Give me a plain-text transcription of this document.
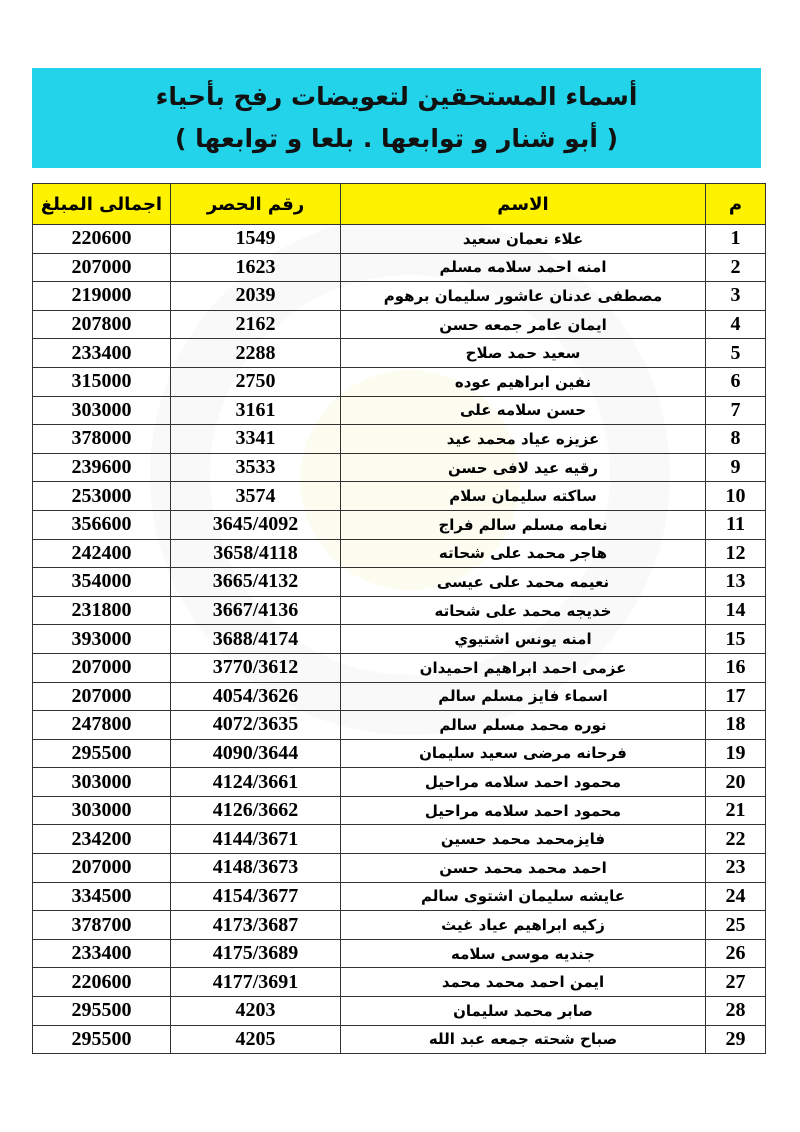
أسماء المستحقين لتعويضات رفح بأحياء
( أبو شنار و توابعها . بلعا و توابعها )
اجمالى المبلغ	رقم الحصر	الاسم	م
220600	1549	علاء نعمان سعيد	1
207000	1623	امنه احمد سلامه مسلم	2
219000	2039	مصطفى عدنان عاشور سليمان برهوم	3
207800	2162	ايمان عامر جمعه حسن	4
233400	2288	سعيد حمد صلاح	5
315000	2750	نفين ابراهيم عوده	6
303000	3161	حسن سلامه على	7
378000	3341	عزيزه عياد محمد عيد	8
239600	3533	رقيه عيد لافى حسن	9
253000	3574	ساكته سليمان سلام	10
356600	3645/4092	نعامه مسلم سالم فراج	11
242400	3658/4118	هاجر محمد على شحاته	12
354000	3665/4132	نعيمه محمد على عيسى	13
231800	3667/4136	خديجه محمد على شحاته	14
393000	3688/4174	امنه يونس اشتيوي	15
207000	3770/3612	عزمى احمد ابراهيم احميدان	16
207000	4054/3626	اسماء فايز مسلم سالم	17
247800	4072/3635	نوره محمد مسلم سالم	18
295500	4090/3644	فرحانه مرضى سعيد سليمان	19
303000	4124/3661	محمود احمد سلامه مراحيل	20
303000	4126/3662	محمود احمد سلامه مراحيل	21
234200	4144/3671	فايزمحمد محمد حسين	22
207000	4148/3673	احمد محمد محمد حسن	23
334500	4154/3677	عايشه سليمان اشتوى سالم	24
378700	4173/3687	زكيه ابراهيم عياد غيث	25
233400	4175/3689	جنديه موسى سلامه	26
220600	4177/3691	ايمن احمد محمد محمد	27
295500	4203	صابر محمد سليمان	28
295500	4205	صباح شحته جمعه عبد الله	29
